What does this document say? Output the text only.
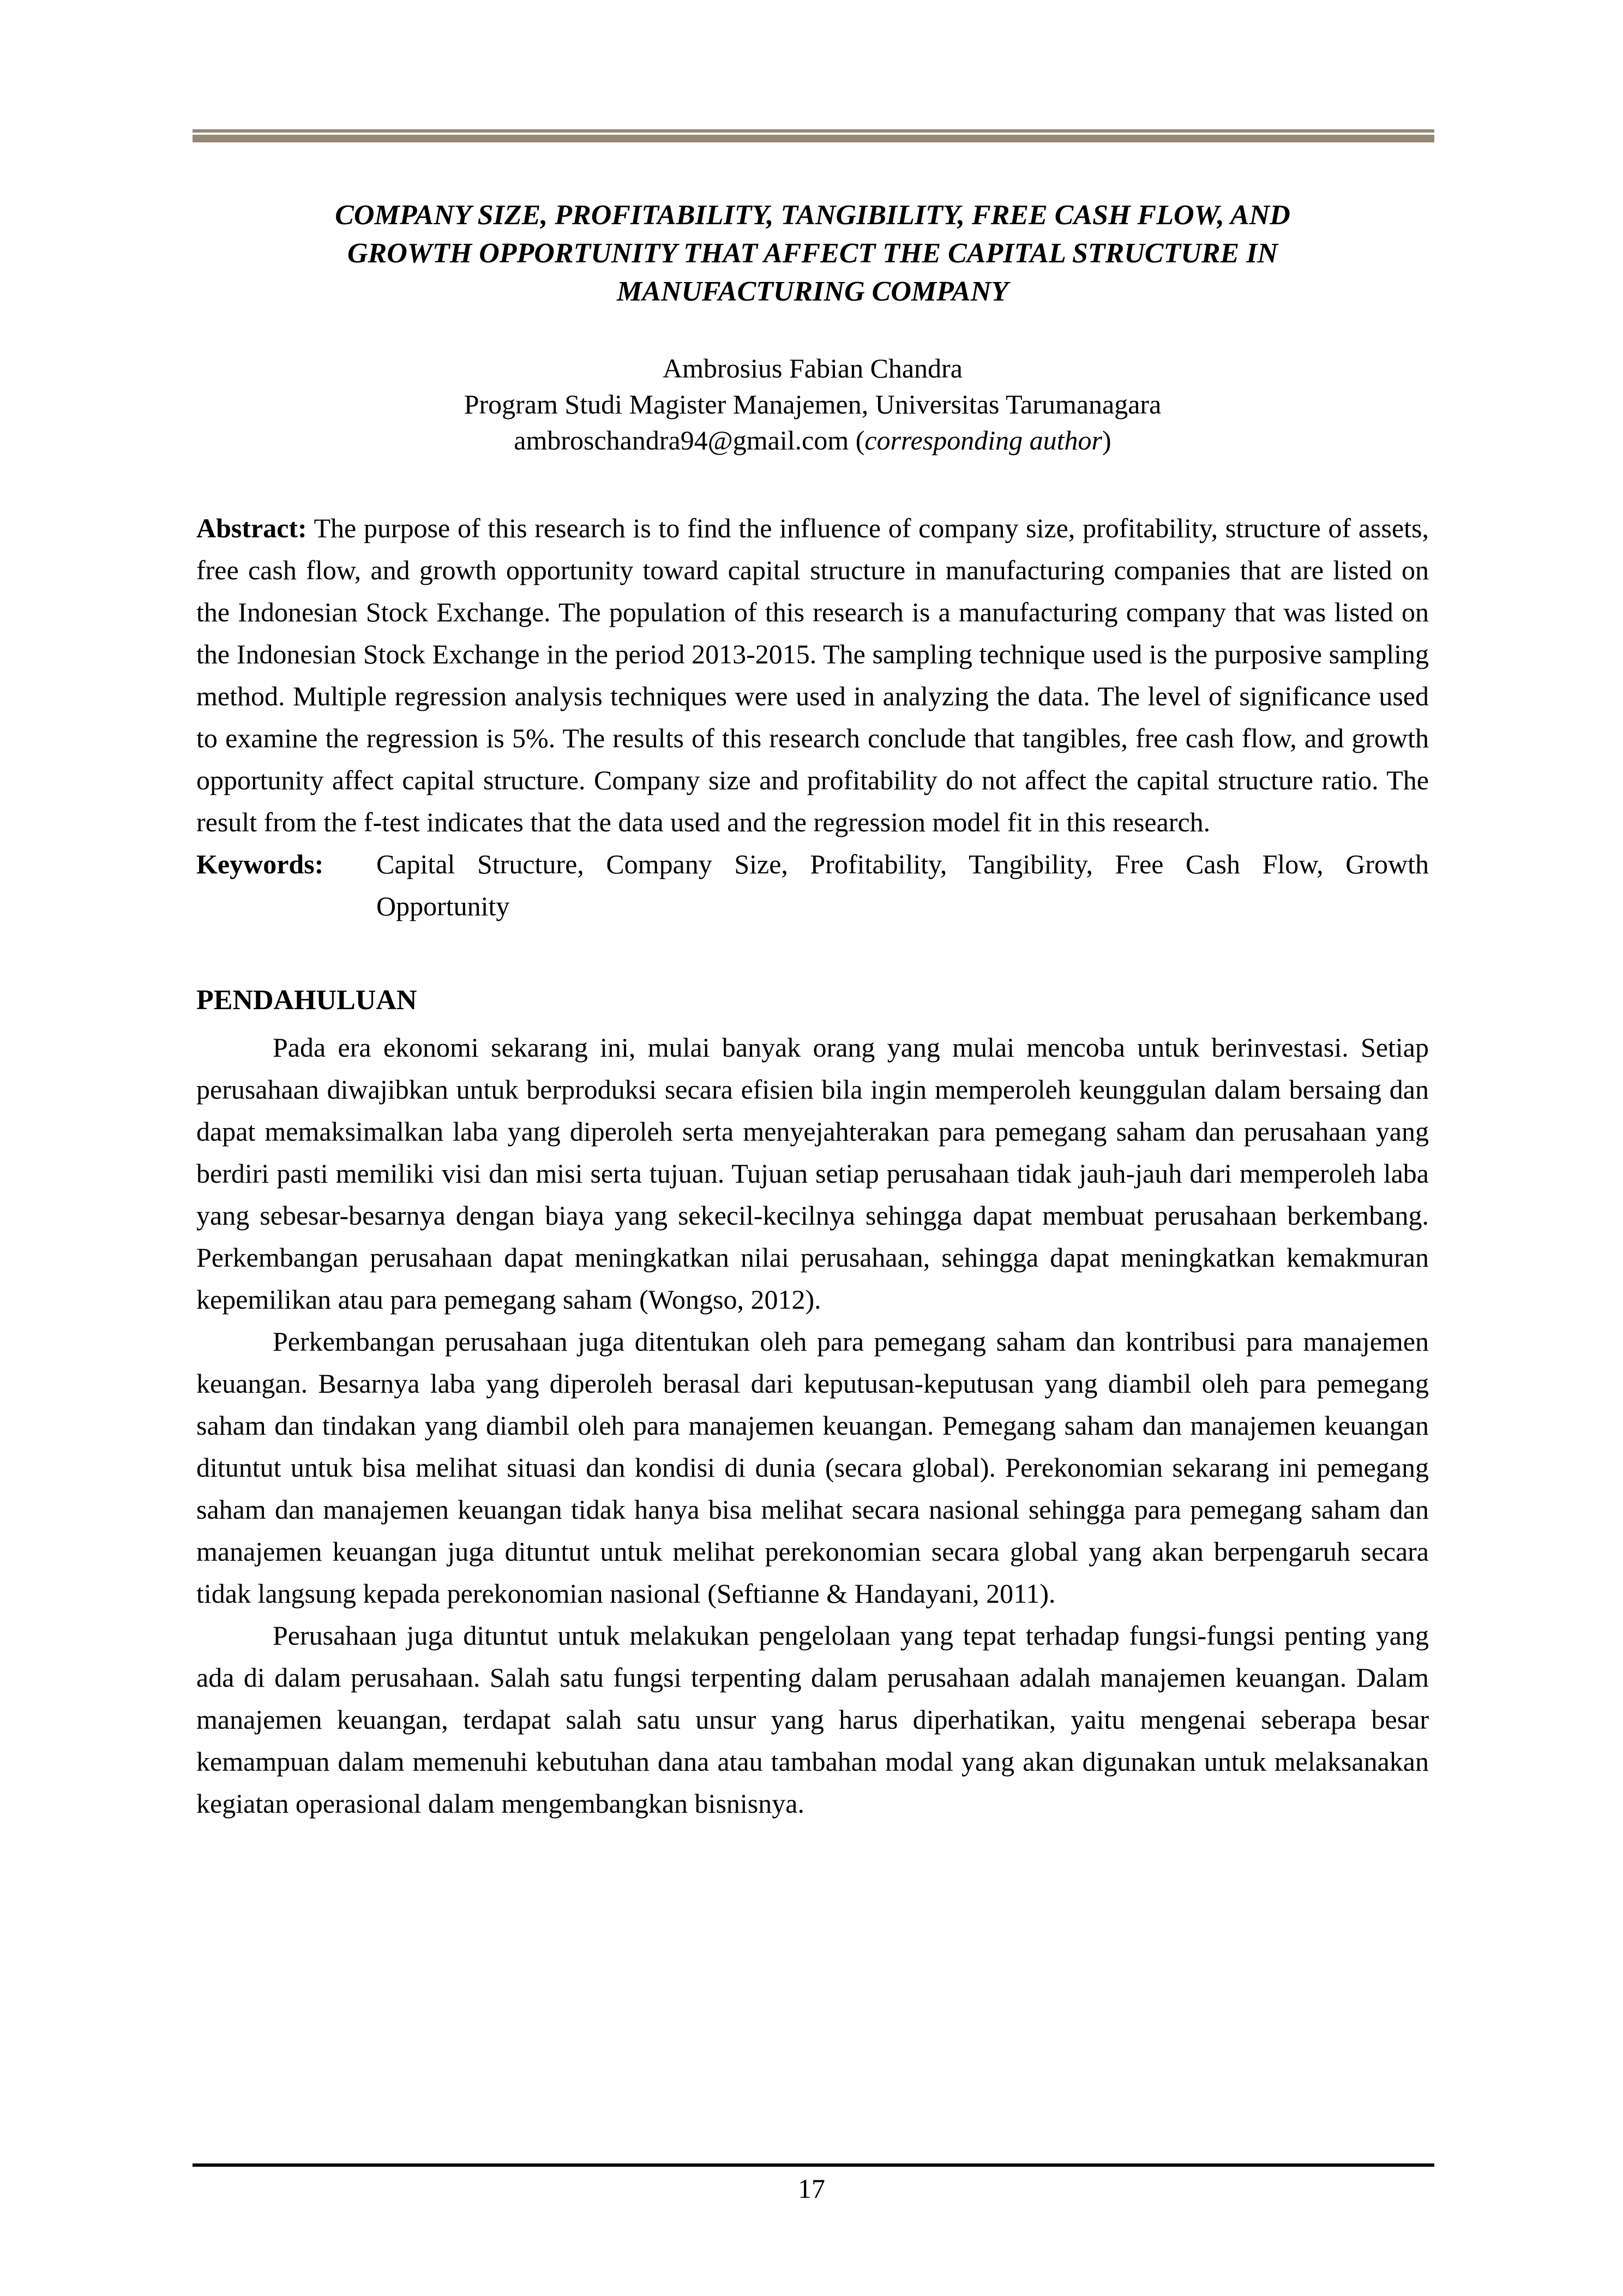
COMPANY SIZE, PROFITABILITY, TANGIBILITY, FREE CASH FLOW, AND
GROWTH OPPORTUNITY THAT AFFECT THE CAPITAL STRUCTURE IN
MANUFACTURING COMPANY
Ambrosius Fabian Chandra
Program Studi Magister Manajemen, Universitas Tarumanagara
ambroschandra94@gmail.com (corresponding author)

Abstract: The purpose of this research is to find the influence of company size, profitability, structure of assets, free cash flow, and growth opportunity toward capital structure in manufacturing companies that are listed on the Indonesian Stock Exchange. The population of this research is a manufacturing company that was listed on the Indonesian Stock Exchange in the period 2013-2015. The sampling technique used is the purposive sampling method. Multiple regression analysis techniques were used in analyzing the data. The level of significance used to examine the regression is 5%. The results of this research conclude that tangibles, free cash flow, and growth opportunity affect capital structure. Company size and profitability do not affect the capital structure ratio. The result from the f-test indicates that the data used and the regression model fit in this research.

Keywords: Capital Structure, Company Size, Profitability, Tangibility, Free Cash Flow, Growth Opportunity

PENDAHULUAN

Pada era ekonomi sekarang ini, mulai banyak orang yang mulai mencoba untuk berinvestasi. Setiap perusahaan diwajibkan untuk berproduksi secara efisien bila ingin memperoleh keunggulan dalam bersaing dan dapat memaksimalkan laba yang diperoleh serta menyejahterakan para pemegang saham dan perusahaan yang berdiri pasti memiliki visi dan misi serta tujuan. Tujuan setiap perusahaan tidak jauh-jauh dari memperoleh laba yang sebesar-besarnya dengan biaya yang sekecil-kecilnya sehingga dapat membuat perusahaan berkembang. Perkembangan perusahaan dapat meningkatkan nilai perusahaan, sehingga dapat meningkatkan kemakmuran kepemilikan atau para pemegang saham (Wongso, 2012).

Perkembangan perusahaan juga ditentukan oleh para pemegang saham dan kontribusi para manajemen keuangan. Besarnya laba yang diperoleh berasal dari keputusan-keputusan yang diambil oleh para pemegang saham dan tindakan yang diambil oleh para manajemen keuangan. Pemegang saham dan manajemen keuangan dituntut untuk bisa melihat situasi dan kondisi di dunia (secara global). Perekonomian sekarang ini pemegang saham dan manajemen keuangan tidak hanya bisa melihat secara nasional sehingga para pemegang saham dan manajemen keuangan juga dituntut untuk melihat perekonomian secara global yang akan berpengaruh secara tidak langsung kepada perekonomian nasional (Seftianne & Handayani, 2011).

Perusahaan juga dituntut untuk melakukan pengelolaan yang tepat terhadap fungsi-fungsi penting yang ada di dalam perusahaan. Salah satu fungsi terpenting dalam perusahaan adalah manajemen keuangan. Dalam manajemen keuangan, terdapat salah satu unsur yang harus diperhatikan, yaitu mengenai seberapa besar kemampuan dalam memenuhi kebutuhan dana atau tambahan modal yang akan digunakan untuk melaksanakan kegiatan operasional dalam mengembangkan bisnisnya.

17
